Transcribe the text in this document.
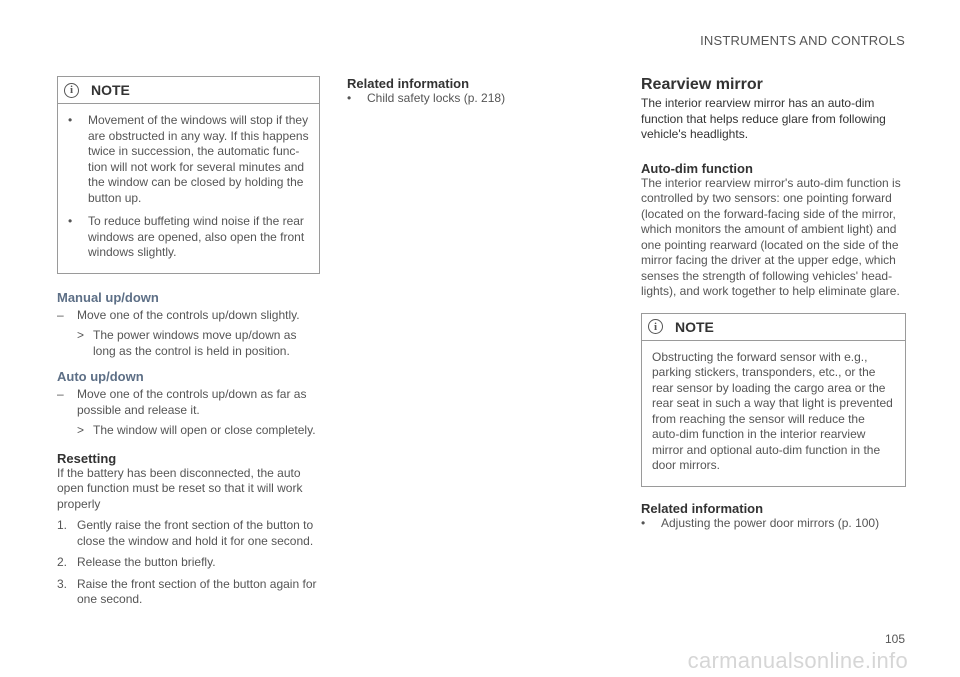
INSTRUMENTS AND CONTROLS
i	NOTE
•	Movement of the windows will stop if they are obstructed in any way. If this happens twice in succession, the automatic func-tion will not work for several minutes and the window can be closed by holding the button up.
•	To reduce buffeting wind noise if the rear windows are opened, also open the front windows slightly.

Manual up/down

–	Move one of the controls up/down slightly.
> The power windows move up/down as long as the control is held in position.

Auto up/down

–	Move one of the controls up/down as far as possible and release it.
> The window will open or close completely.

Resetting

If the battery has been disconnected, the auto open function must be reset so that it will work properly

1. Gently raise the front section of the button to close the window and hold it for one second.
2. Release the button briefly.
3. Raise the front section of the button again for one second.

Related information

•	Child safety locks (p. 218)

Rearview mirror

The interior rearview mirror has an auto-dim function that helps reduce glare from following vehicle's headlights.

Auto-dim function

The interior rearview mirror's auto-dim function is controlled by two sensors: one pointing forward (located on the forward-facing side of the mirror, which monitors the amount of ambient light) and one pointing rearward (located on the side of the mirror facing the driver at the upper edge, which senses the strength of following vehicles' head-lights), and work together to help eliminate glare.

i	NOTE
Obstructing the forward sensor with e.g., parking stickers, transponders, etc., or the rear sensor by loading the cargo area or the rear seat in such a way that light is prevented from reaching the sensor will reduce the auto-dim function in the interior rearview mirror and optional auto-dim function in the door mirrors.

Related information

•	Adjusting the power door mirrors (p. 100)
105
carmanualsonline.info
